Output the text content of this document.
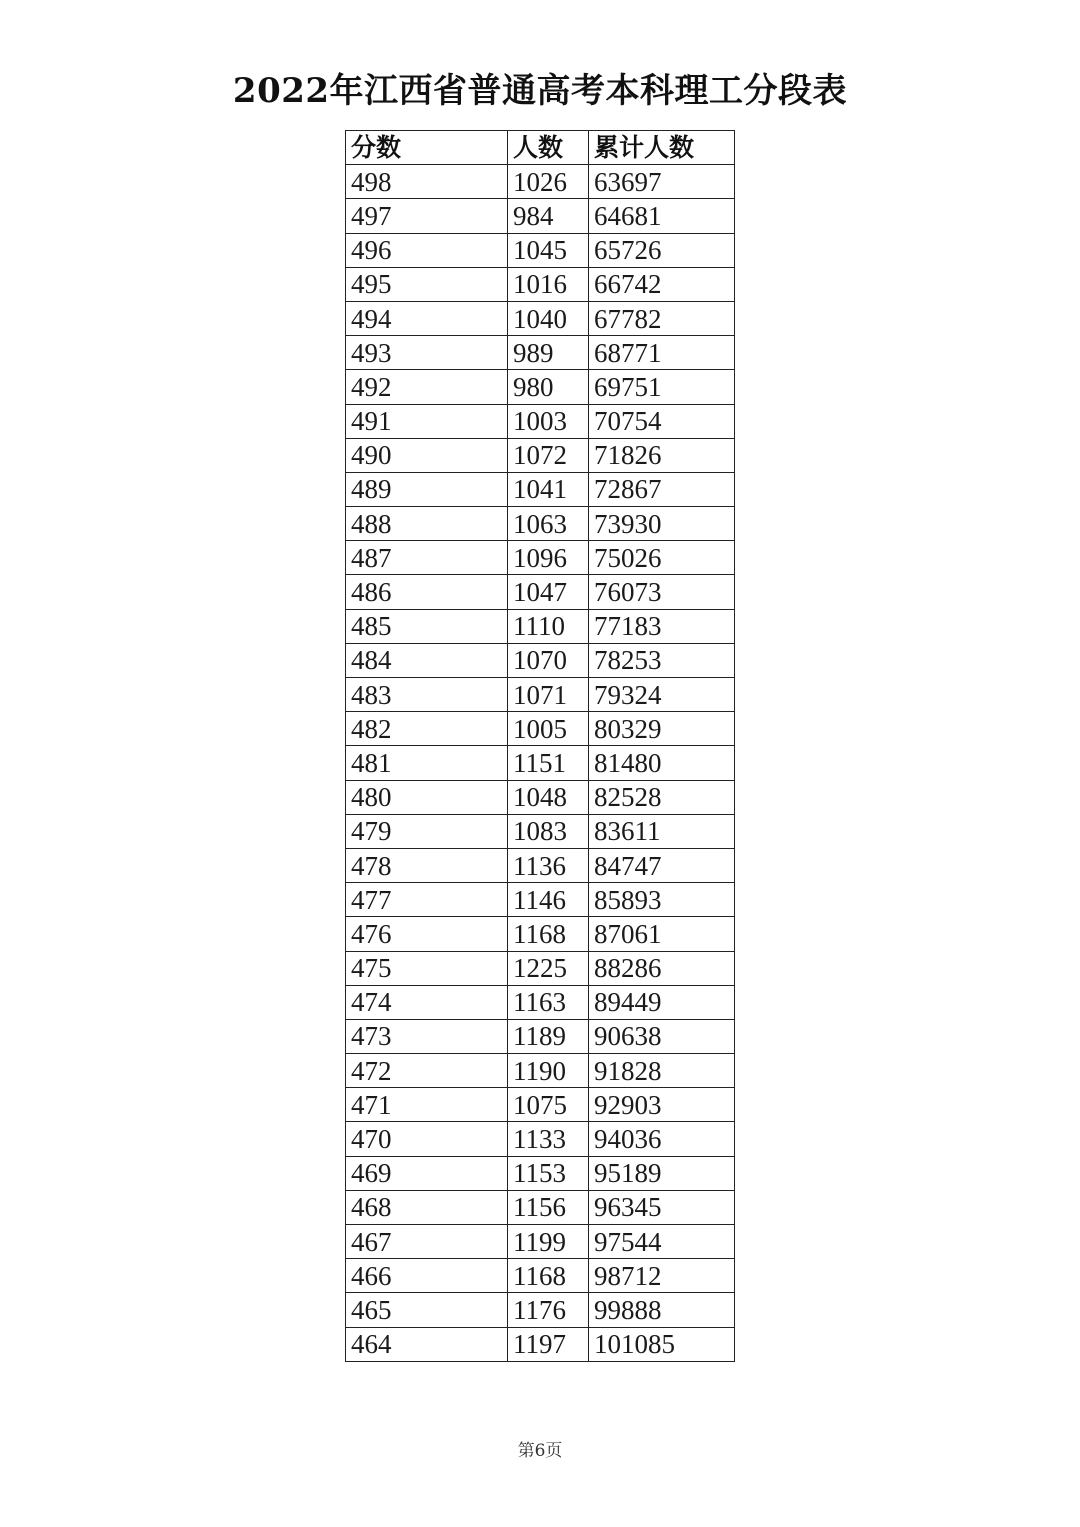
2022年江西省普通高考本科理工分段表
分数	人数	累计人数
498	1026	63697
497	984	64681
496	1045	65726
495	1016	66742
494	1040	67782
493	989	68771
492	980	69751
491	1003	70754
490	1072	71826
489	1041	72867
488	1063	73930
487	1096	75026
486	1047	76073
485	1110	77183
484	1070	78253
483	1071	79324
482	1005	80329
481	1151	81480
480	1048	82528
479	1083	83611
478	1136	84747
477	1146	85893
476	1168	87061
475	1225	88286
474	1163	89449
473	1189	90638
472	1190	91828
471	1075	92903
470	1133	94036
469	1153	95189
468	1156	96345
467	1199	97544
466	1168	98712
465	1176	99888
464	1197	101085
第6页
